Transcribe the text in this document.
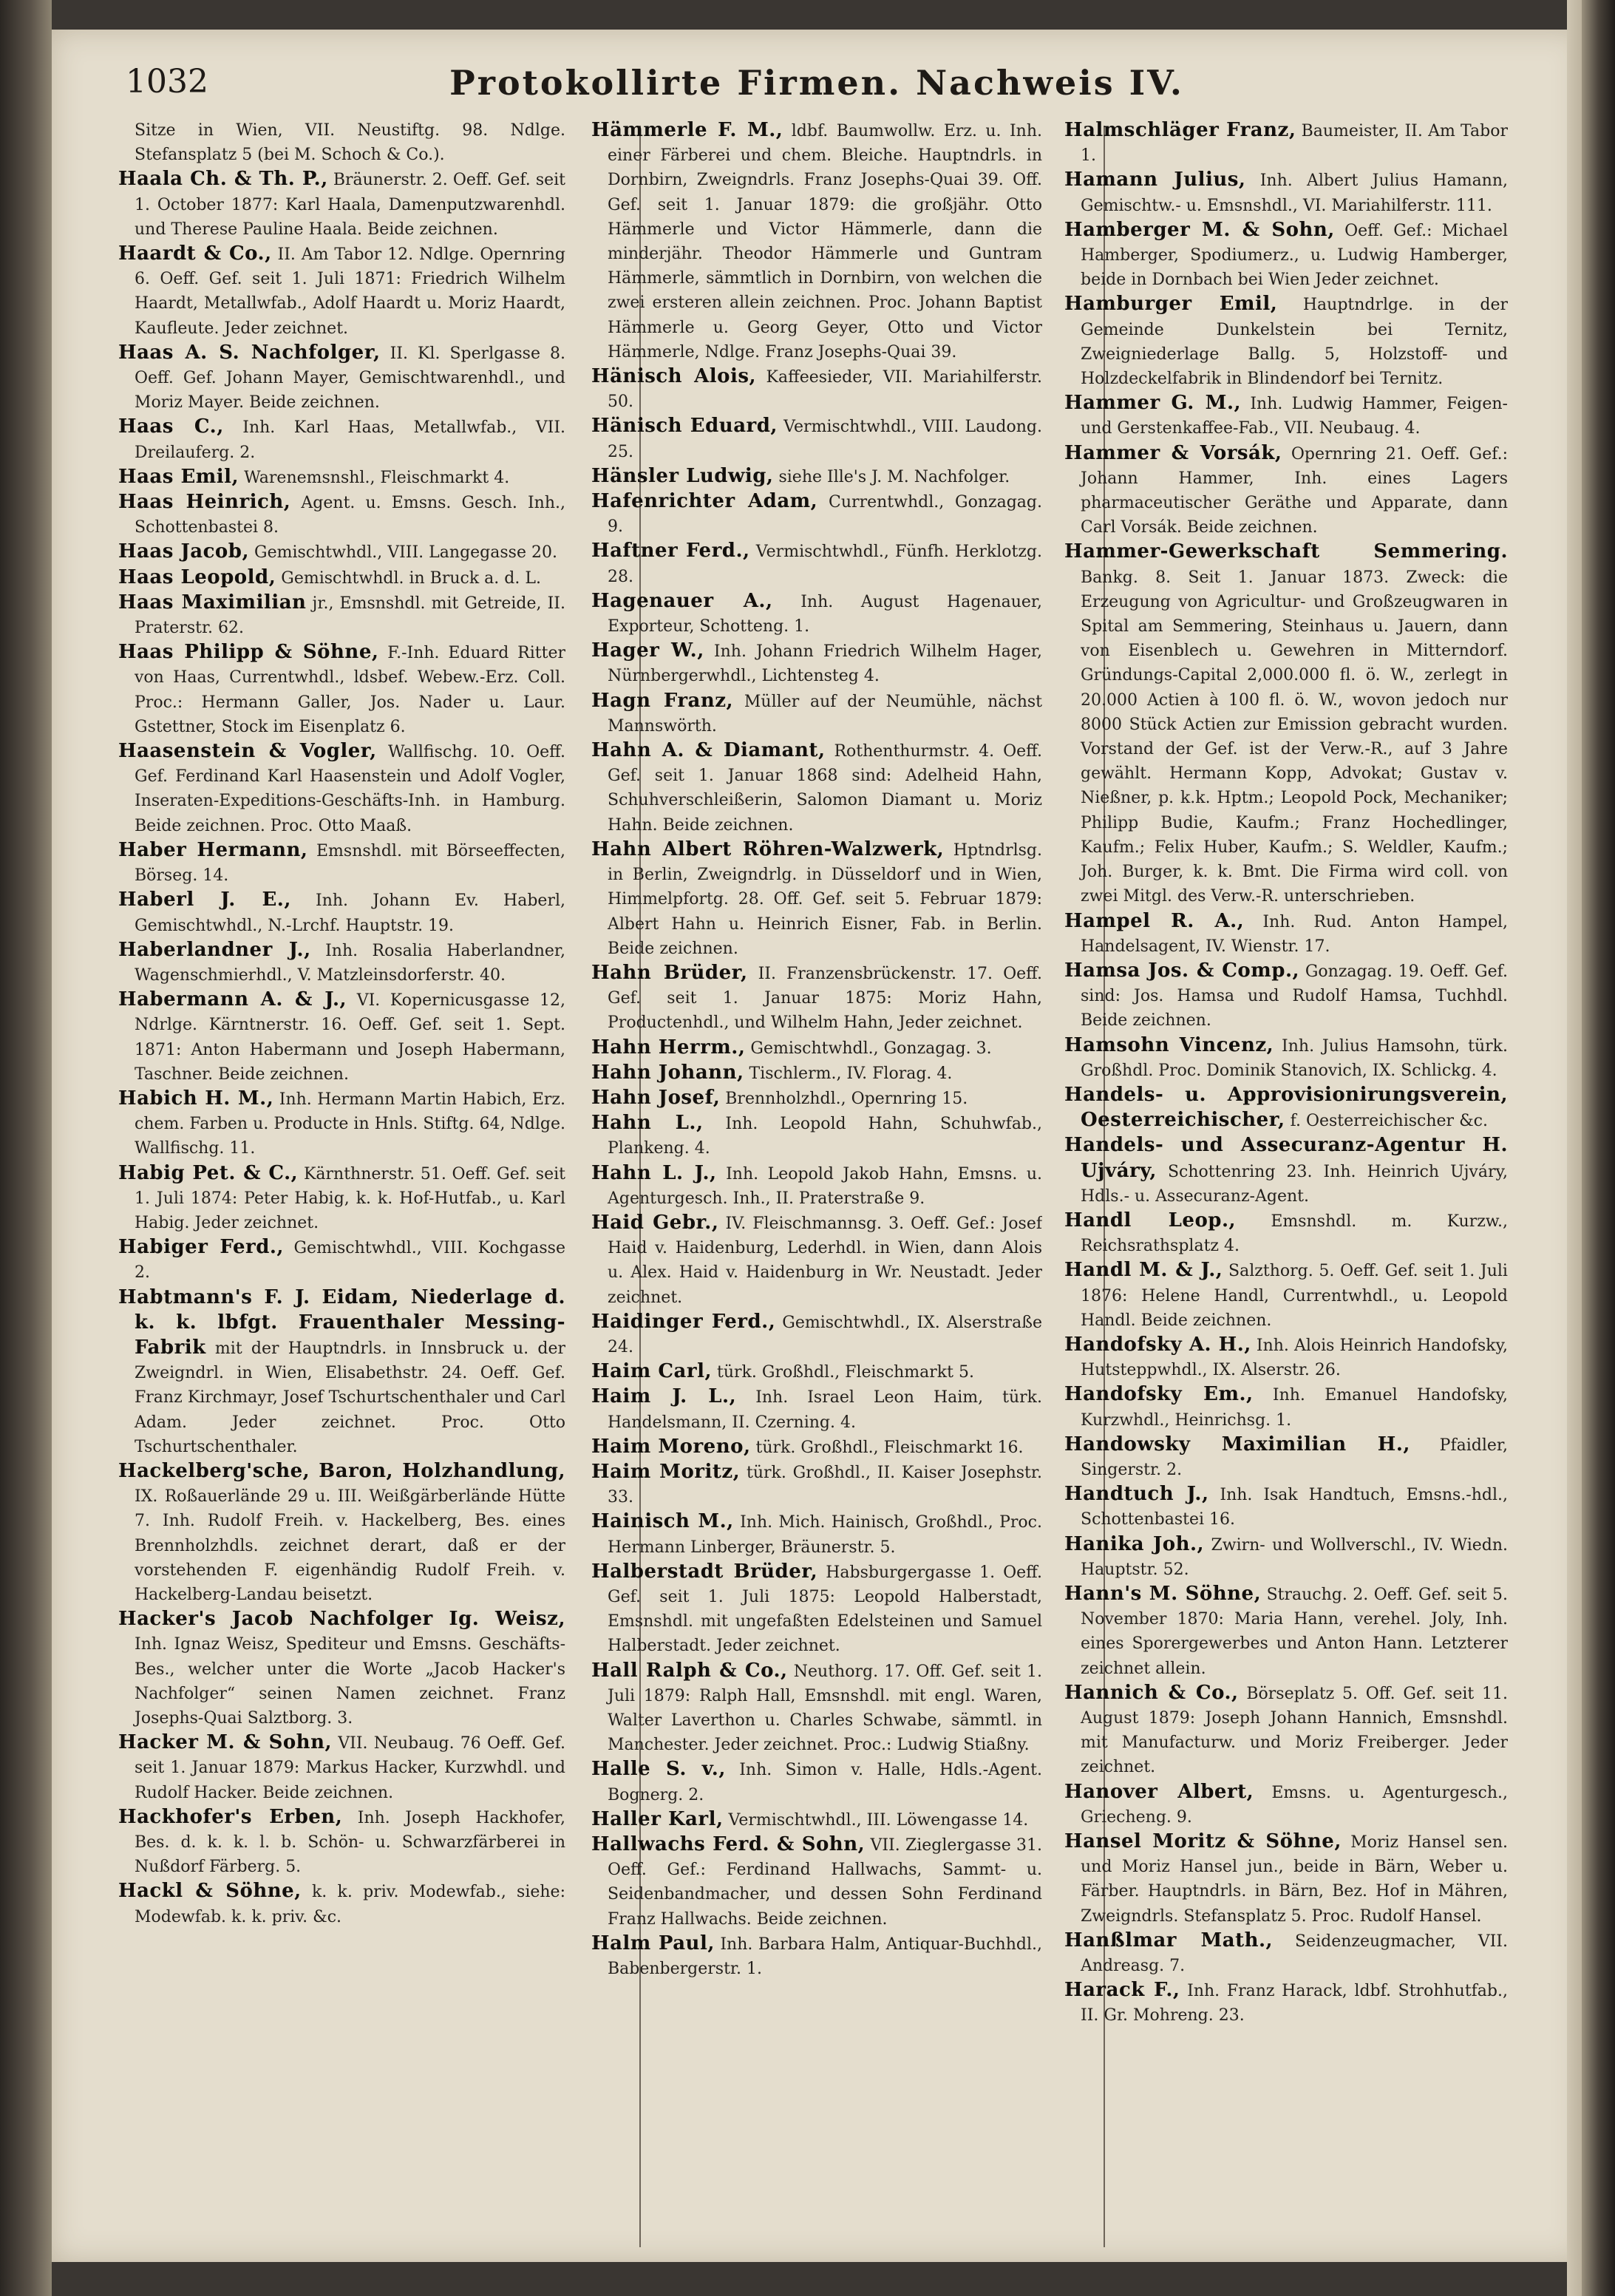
1032	Protokollirte Firmen. Nachweis IV.

Sitze in Wien, VII. Neustiftg. 98. Ndlge. Stefansplatz 5 (bei M. Schoch & Co.).

Haala Ch. & Th. P., Bräunerstr. 2. Oeff. Gef. seit 1. October 1877: Karl Haala, Damenputzwarenhdl. und Therese Pauline Haala. Beide zeichnen.

Haardt & Co., II. Am Tabor 12. Ndlge. Opernring 6. Oeff. Gef. seit 1. Juli 1871: Friedrich Wilhelm Haardt, Metallwfab., Adolf Haardt u. Moriz Haardt, Kaufleute. Jeder zeichnet.

Haas A. S. Nachfolger, II. Kl. Sperlgasse 8. Oeff. Gef. Johann Mayer, Gemischtwarenhdl., und Moriz Mayer. Beide zeichnen.

Haas C., Inh. Karl Haas, Metallwfab., VII. Dreilauferg. 2.

Haas Emil, Warenemsnshl., Fleischmarkt 4.

Haas Heinrich, Agent. u. Emsns. Gesch. Inh., Schottenbastei 8.

Haas Jacob, Gemischtwhdl., VIII. Langegasse 20.

Haas Leopold, Gemischtwhdl. in Bruck a. d. L.

Haas Maximilian jr., Emsnshdl. mit Getreide, II. Praterstr. 62.

Haas Philipp & Söhne, F.-Inh. Eduard Ritter von Haas, Currentwhdl., ldsbef. Webew.-Erz. Coll. Proc.: Hermann Galler, Jos. Nader u. Laur. Gstettner, Stock im Eisenplatz 6.

Haasenstein & Vogler, Wallfischg. 10. Oeff. Gef. Ferdinand Karl Haasenstein und Adolf Vogler, Inseraten-Expeditions-Geschäfts-Inh. in Hamburg. Beide zeichnen. Proc. Otto Maaß.

Haber Hermann, Emsnshdl. mit Börseeffecten, Börseg. 14.

Haberl J. E., Inh. Johann Ev. Haberl, Gemischtwhdl., N.-Lrchf. Hauptstr. 19.

Haberlandner J., Inh. Rosalia Haberlandner, Wagenschmierhdl., V. Matzleinsdorferstr. 40.

Habermann A. & J., VI. Kopernicusgasse 12, Ndrlge. Kärntnerstr. 16. Oeff. Gef. seit 1. Sept. 1871: Anton Habermann und Joseph Habermann, Taschner. Beide zeichnen.

Habich H. M., Inh. Hermann Martin Habich, Erz. chem. Farben u. Producte in Hnls. Stiftg. 64, Ndlge. Wallfischg. 11.

Habig Pet. & C., Kärnthnerstr. 51. Oeff. Gef. seit 1. Juli 1874: Peter Habig, k. k. Hof-Hutfab., u. Karl Habig. Jeder zeichnet.

Habiger Ferd., Gemischtwhdl., VIII. Kochgasse 2.

Habtmann's F. J. Eidam, Niederlage d. k. k. lbfgt. Frauenthaler Messing-Fabrik mit der Hauptndrls. in Innsbruck u. der Zweigndrl. in Wien, Elisabethstr. 24. Oeff. Gef. Franz Kirchmayr, Josef Tschurtschenthaler und Carl Adam. Jeder zeichnet. Proc. Otto Tschurtschenthaler.

Hackelberg'sche, Baron, Holzhandlung, IX. Roßauerlände 29 u. III. Weißgärberlände Hütte 7. Inh. Rudolf Freih. v. Hackelberg, Bes. eines Brennholzhdls. zeichnet derart, daß er der vorstehenden F. eigenhändig Rudolf Freih. v. Hackelberg-Landau beisetzt.

Hacker's Jacob Nachfolger Ig. Weisz, Inh. Ignaz Weisz, Spediteur und Emsns. Geschäfts-Bes., welcher unter die Worte „Jacob Hacker's Nachfolger“ seinen Namen zeichnet. Franz Josephs-Quai Salztborg. 3.

Hacker M. & Sohn, VII. Neubaug. 76 Oeff. Gef. seit 1. Januar 1879: Markus Hacker, Kurzwhdl. und Rudolf Hacker. Beide zeichnen.

Hackhofer's Erben, Inh. Joseph Hackhofer, Bes. d. k. k. l. b. Schön- u. Schwarzfärberei in Nußdorf Färberg. 5.

Hackl & Söhne, k. k. priv. Modewfab., siehe: Modewfab. k. k. priv. &c.

Hämmerle F. M., ldbf. Baumwollw. Erz. u. Inh. einer Färberei und chem. Bleiche. Hauptndrls. in Dornbirn, Zweigndrls. Franz Josephs-Quai 39. Off. Gef. seit 1. Januar 1879: die großjähr. Otto Hämmerle und Victor Hämmerle, dann die minderjähr. Theodor Hämmerle und Guntram Hämmerle, sämmtlich in Dornbirn, von welchen die zwei ersteren allein zeichnen. Proc. Johann Baptist Hämmerle u. Georg Geyer, Otto und Victor Hämmerle, Ndlge. Franz Josephs-Quai 39.

Hänisch Alois, Kaffeesieder, VII. Mariahilferstr. 50.

Hänisch Eduard, Vermischtwhdl., VIII. Laudong. 25.

Hänsler Ludwig, siehe Ille's J. M. Nachfolger.

Hafenrichter Adam, Currentwhdl., Gonzagag. 9.

Haftner Ferd., Vermischtwhdl., Fünfh. Herklotzg. 28.

Hagenauer A., Inh. August Hagenauer, Exporteur, Schotteng. 1.

Hager W., Inh. Johann Friedrich Wilhelm Hager, Nürnbergerwhdl., Lichtensteg 4.

Hagn Franz, Müller auf der Neumühle, nächst Mannswörth.

Hahn A. & Diamant, Rothenthurmstr. 4. Oeff. Gef. seit 1. Januar 1868 sind: Adelheid Hahn, Schuhverschleißerin, Salomon Diamant u. Moriz Hahn. Beide zeichnen.

Hahn Albert Röhren-Walzwerk, Hptndrlsg. in Berlin, Zweigndrlg. in Düsseldorf und in Wien, Himmelpfortg. 28. Off. Gef. seit 5. Februar 1879: Albert Hahn u. Heinrich Eisner, Fab. in Berlin. Beide zeichnen.

Hahn Brüder, II. Franzensbrückenstr. 17. Oeff. Gef. seit 1. Januar 1875: Moriz Hahn, Productenhdl., und Wilhelm Hahn, Jeder zeichnet.

Hahn Herrm., Gemischtwhdl., Gonzagag. 3.

Hahn Johann, Tischlerm., IV. Florag. 4.

Hahn Josef, Brennholzhdl., Opernring 15.

Hahn L., Inh. Leopold Hahn, Schuhwfab., Plankeng. 4.

Hahn L. J., Inh. Leopold Jakob Hahn, Emsns. u. Agenturgesch. Inh., II. Praterstraße 9.

Haid Gebr., IV. Fleischmannsg. 3. Oeff. Gef.: Josef Haid v. Haidenburg, Lederhdl. in Wien, dann Alois u. Alex. Haid v. Haidenburg in Wr. Neustadt. Jeder zeichnet.

Haidinger Ferd., Gemischtwhdl., IX. Alserstraße 24.

Haim Carl, türk. Großhdl., Fleischmarkt 5.

Haim J. L., Inh. Israel Leon Haim, türk. Handelsmann, II. Czerning. 4.

Haim Moreno, türk. Großhdl., Fleischmarkt 16.

Haim Moritz, türk. Großhdl., II. Kaiser Josephstr. 33.

Hainisch M., Inh. Mich. Hainisch, Großhdl., Proc. Hermann Linberger, Bräunerstr. 5.

Halberstadt Brüder, Habsburgergasse 1. Oeff. Gef. seit 1. Juli 1875: Leopold Halberstadt, Emsnshdl. mit ungefaßten Edelsteinen und Samuel Halberstadt. Jeder zeichnet.

Hall Ralph & Co., Neuthorg. 17. Off. Gef. seit 1. Juli 1879: Ralph Hall, Emsnshdl. mit engl. Waren, Walter Laverthon u. Charles Schwabe, sämmtl. in Manchester. Jeder zeichnet. Proc.: Ludwig Stiaßny.

Halle S. v., Inh. Simon v. Halle, Hdls.-Agent. Bognerg. 2.

Haller Karl, Vermischtwhdl., III. Löwengasse 14.

Hallwachs Ferd. & Sohn, VII. Zieglergasse 31. Oeff. Gef.: Ferdinand Hallwachs, Sammt- u. Seidenbandmacher, und dessen Sohn Ferdinand Franz Hallwachs. Beide zeichnen.

Halm Paul, Inh. Barbara Halm, Antiquar-Buchhdl., Babenbergerstr. 1.

Halmschläger Franz, Baumeister, II. Am Tabor 1.

Hamann Julius, Inh. Albert Julius Hamann, Gemischtw.- u. Emsnshdl., VI. Mariahilferstr. 111.

Hamberger M. & Sohn, Oeff. Gef.: Michael Hamberger, Spodiumerz., u. Ludwig Hamberger, beide in Dornbach bei Wien Jeder zeichnet.

Hamburger Emil, Hauptndrlge. in der Gemeinde Dunkelstein bei Ternitz, Zweigniederlage Ballg. 5, Holzstoff- und Holzdeckelfabrik in Blindendorf bei Ternitz.

Hammer G. M., Inh. Ludwig Hammer, Feigen- und Gerstenkaffee-Fab., VII. Neubaug. 4.

Hammer & Vorsák, Opernring 21. Oeff. Gef.: Johann Hammer, Inh. eines Lagers pharmaceutischer Geräthe und Apparate, dann Carl Vorsák. Beide zeichnen.

Hammer-Gewerkschaft Semmering. Bankg. 8. Seit 1. Januar 1873. Zweck: die Erzeugung von Agricultur- und Großzeugwaren in Spital am Semmering, Steinhaus u. Jauern, dann von Eisenblech u. Gewehren in Mitterndorf. Gründungs-Capital 2,000.000 fl. ö. W., zerlegt in 20.000 Actien à 100 fl. ö. W., wovon jedoch nur 8000 Stück Actien zur Emission gebracht wurden. Vorstand der Gef. ist der Verw.-R., auf 3 Jahre gewählt. Hermann Kopp, Advokat; Gustav v. Nießner, p. k.k. Hptm.; Leopold Pock, Mechaniker; Philipp Budie, Kaufm.; Franz Hochedlinger, Kaufm.; Felix Huber, Kaufm.; S. Weldler, Kaufm.; Joh. Burger, k. k. Bmt. Die Firma wird coll. von zwei Mitgl. des Verw.-R. unterschrieben.

Hampel R. A., Inh. Rud. Anton Hampel, Handelsagent, IV. Wienstr. 17.

Hamsa Jos. & Comp., Gonzagag. 19. Oeff. Gef. sind: Jos. Hamsa und Rudolf Hamsa, Tuchhdl. Beide zeichnen.

Hamsohn Vincenz, Inh. Julius Hamsohn, türk. Großhdl. Proc. Dominik Stanovich, IX. Schlickg. 4.

Handels- u. Approvisionirungsverein, Oesterreichischer, f. Oesterreichischer &c.

Handels- und Assecuranz-Agentur H. Ujváry, Schottenring 23. Inh. Heinrich Ujváry, Hdls.- u. Assecuranz-Agent.

Handl Leop., Emsnshdl. m. Kurzw., Reichsrathsplatz 4.

Handl M. & J., Salzthorg. 5. Oeff. Gef. seit 1. Juli 1876: Helene Handl, Currentwhdl., u. Leopold Handl. Beide zeichnen.

Handofsky A. H., Inh. Alois Heinrich Handofsky, Hutsteppwhdl., IX. Alserstr. 26.

Handofsky Em., Inh. Emanuel Handofsky, Kurzwhdl., Heinrichsg. 1.

Handowsky Maximilian H., Pfaidler, Singerstr. 2.

Handtuch J., Inh. Isak Handtuch, Emsns.-hdl., Schottenbastei 16.

Hanika Joh., Zwirn- und Wollverschl., IV. Wiedn. Hauptstr. 52.

Hann's M. Söhne, Strauchg. 2. Oeff. Gef. seit 5. November 1870: Maria Hann, verehel. Joly, Inh. eines Sporergewerbes und Anton Hann. Letzterer zeichnet allein.

Hannich & Co., Börseplatz 5. Off. Gef. seit 11. August 1879: Joseph Johann Hannich, Emsnshdl. mit Manufacturw. und Moriz Freiberger. Jeder zeichnet.

Hanover Albert, Emsns. u. Agenturgesch., Griecheng. 9.

Hansel Moritz & Söhne, Moriz Hansel sen. und Moriz Hansel jun., beide in Bärn, Weber u. Färber. Hauptndrls. in Bärn, Bez. Hof in Mähren, Zweigndrls. Stefansplatz 5. Proc. Rudolf Hansel.

Hanßlmar Math., Seidenzeugmacher, VII. Andreasg. 7.

Harack F., Inh. Franz Harack, ldbf. Strohhutfab., II. Gr. Mohreng. 23.
